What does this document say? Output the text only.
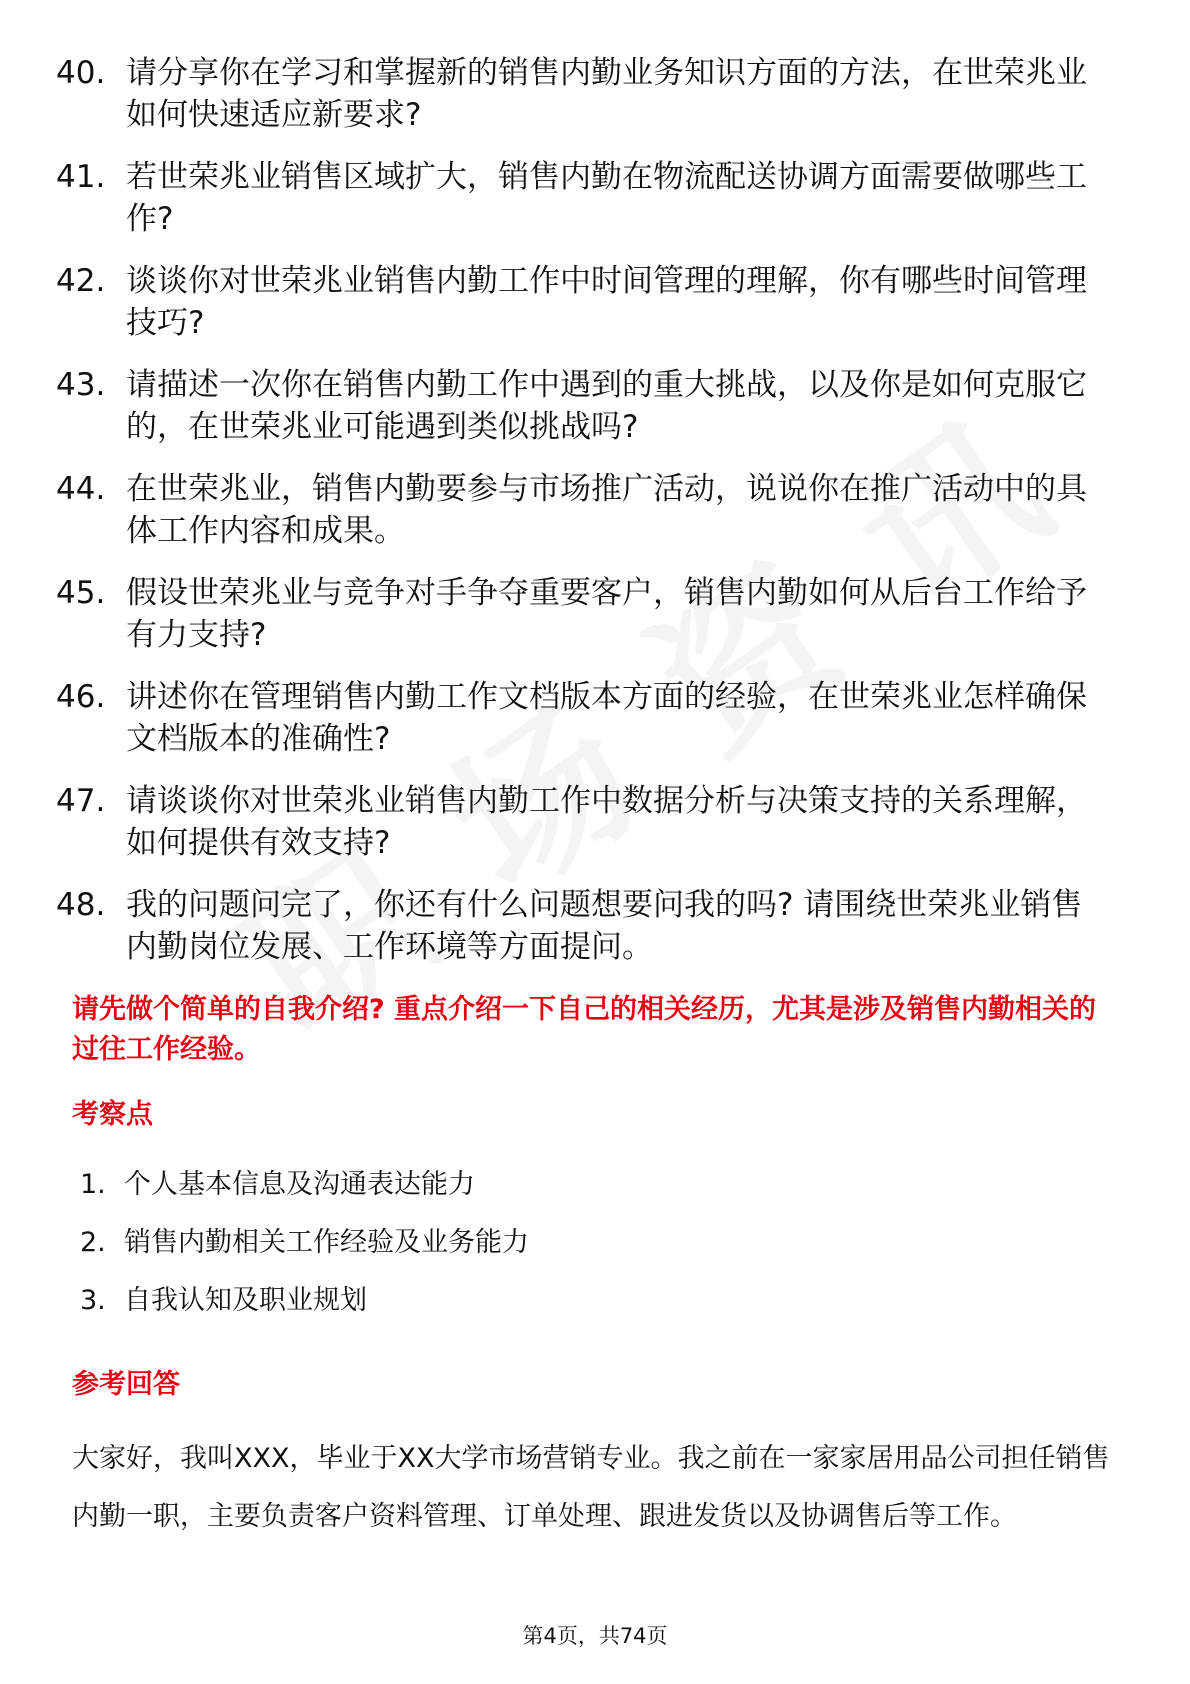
40. 请分享你在学习和掌握新的销售内勤业务知识方面的方法，在世荣兆业如何快速适应新要求?
41. 若世荣兆业销售区域扩大，销售内勤在物流配送协调方面需要做哪些工作?
42. 谈谈你对世荣兆业销售内勤工作中时间管理的理解，你有哪些时间管理技巧?
43. 请描述一次你在销售内勤工作中遇到的重大挑战，以及你是如何克服它的，在世荣兆业可能遇到类似挑战吗?
44. 在世荣兆业，销售内勤要参与市场推广活动，说说你在推广活动中的具体工作内容和成果。
45. 假设世荣兆业与竞争对手争夺重要客户，销售内勤如何从后台工作给予有力支持?
46. 讲述你在管理销售内勤工作文档版本方面的经验，在世荣兆业怎样确保文档版本的准确性?
47. 请谈谈你对世荣兆业销售内勤工作中数据分析与决策支持的关系理解，如何提供有效支持?
48. 我的问题问完了，你还有什么问题想要问我的吗? 请围绕世荣兆业销售内勤岗位发展、工作环境等方面提问。

请先做个简单的自我介绍? 重点介绍一下自己的相关经历，尤其是涉及销售内勤相关的过往工作经验。

考察点
1. 个人基本信息及沟通表达能力
2. 销售内勤相关工作经验及业务能力
3. 自我认知及职业规划
参考回答

大家好，我叫XXX，毕业于XX大学市场营销专业。我之前在一家家居用品公司担任销售内勤一职，主要负责客户资料管理、订单处理、跟进发货以及协调售后等工作。

第4页，共74页
